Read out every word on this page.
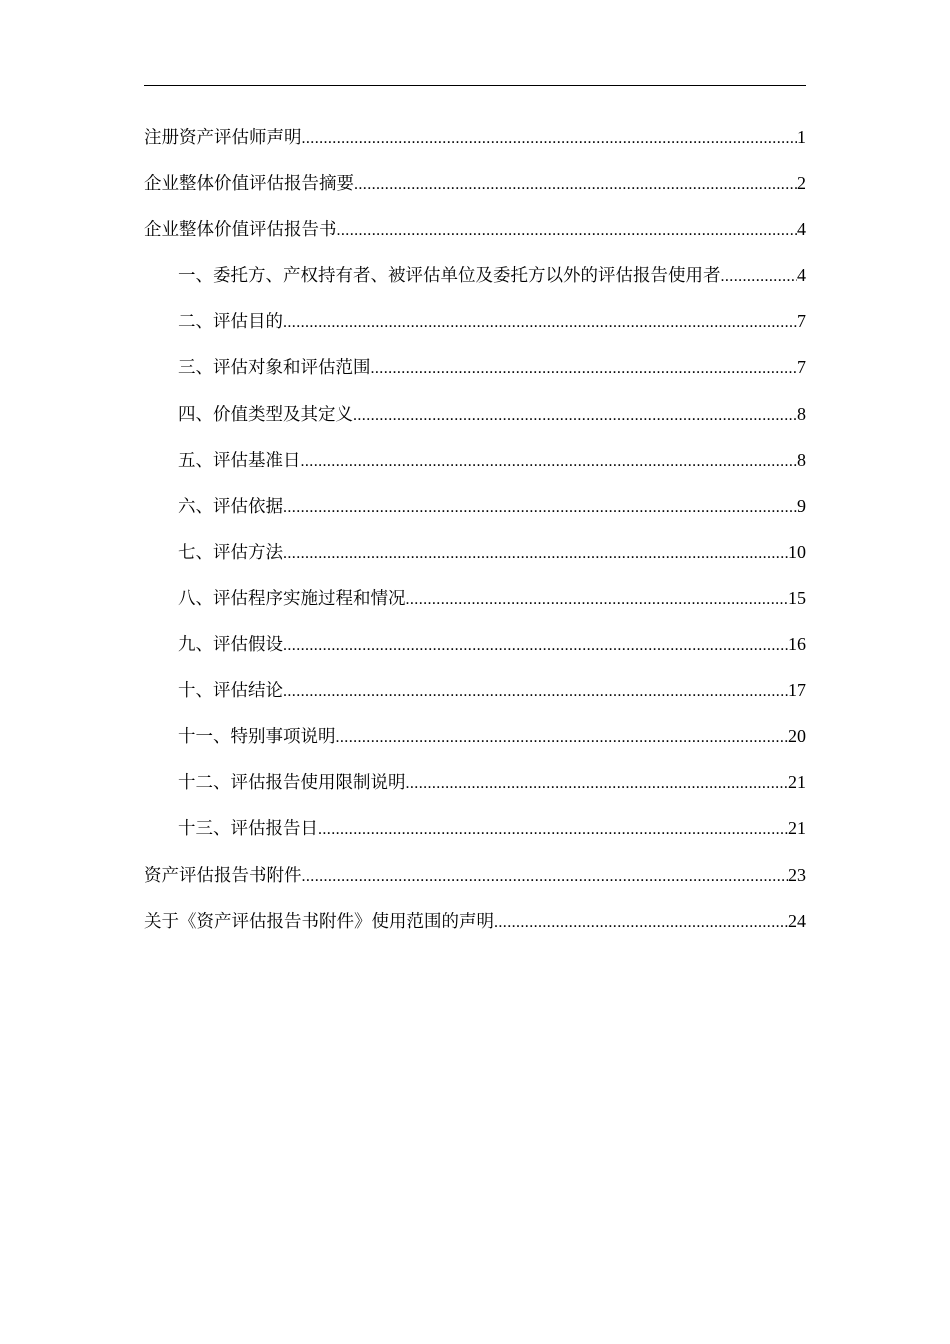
注册资产评估师声明 .....	1
企业整体价值评估报告摘要 .....	2
企业整体价值评估报告书 .....	4
一、委托方、产权持有者、被评估单位及委托方以外的评估报告使用者 .....	4
二、评估目的 .....	7
三、评估对象和评估范围 .....	7
四、价值类型及其定义 .....	8
五、评估基准日 .....	8
六、评估依据 .....	9
七、评估方法 .....	10
八、评估程序实施过程和情况 .....	15
九、评估假设 .....	16
十、评估结论 .....	17
十一、特别事项说明 .....	20
十二、评估报告使用限制说明 .....	21
十三、评估报告日 .....	21
资产评估报告书附件 .....	23
关于《资产评估报告书附件》使用范围的声明 .....	24
